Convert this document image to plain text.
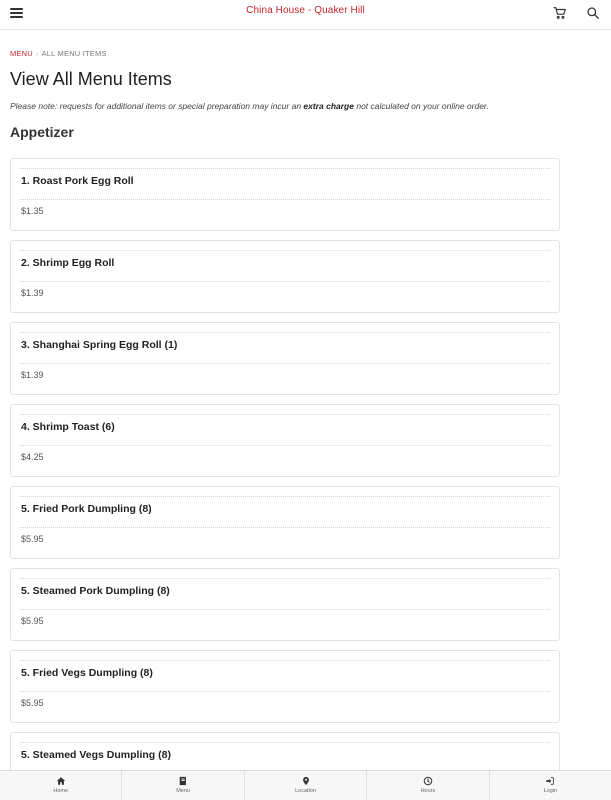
China House - Quaker Hill
MENU › ALL MENU ITEMS
View All Menu Items
Please note: requests for additional items or special preparation may incur an extra charge not calculated on your online order.
Appetizer
1. Roast Pork Egg Roll
$1.35
2. Shrimp Egg Roll
$1.39
3. Shanghai Spring Egg Roll (1)
$1.39
4. Shrimp Toast (6)
$4.25
5. Fried Pork Dumpling (8)
$5.95
5. Steamed Pork Dumpling (8)
$5.95
5. Fried Vegs Dumpling (8)
$5.95
5. Steamed Vegs Dumpling (8)
Home	Menu	Location	Hours	Login
